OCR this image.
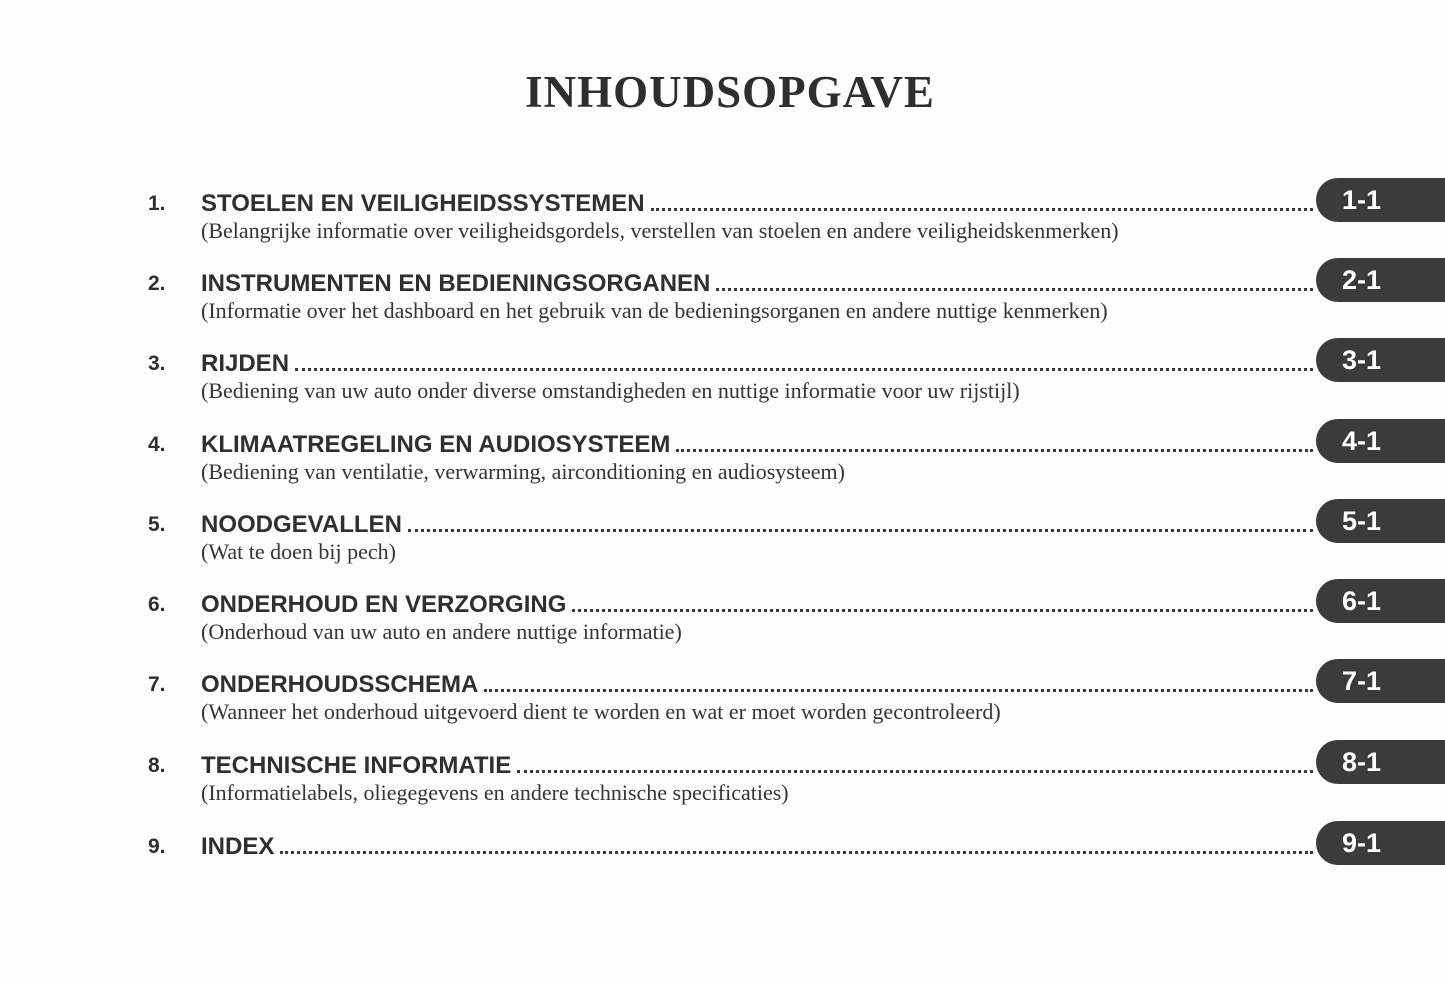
INHOUDSOPGAVE
1. STOELEN EN VEILIGHEIDSSYSTEMEN
(Belangrijke informatie over veiligheidsgordels, verstellen van stoelen en andere veiligheidskenmerken)
1-1
2. INSTRUMENTEN EN BEDIENINGSORGANEN
(Informatie over het dashboard en het gebruik van de bedieningsorganen en andere nuttige kenmerken)
2-1
3. RIJDEN
(Bediening van uw auto onder diverse omstandigheden en nuttige informatie voor uw rijstijl)
3-1
4. KLIMAATREGELING EN AUDIOSYSTEEM
(Bediening van ventilatie, verwarming, airconditioning en audiosysteem)
4-1
5. NOODGEVALLEN
(Wat te doen bij pech)
5-1
6. ONDERHOUD EN VERZORGING
(Onderhoud van uw auto en andere nuttige informatie)
6-1
7. ONDERHOUDSSCHEMA
(Wanneer het onderhoud uitgevoerd dient te worden en wat er moet worden gecontroleerd)
7-1
8. TECHNISCHE INFORMATIE
(Informatielabels, oliegegevens en andere technische specificaties)
8-1
9. INDEX	9-1
